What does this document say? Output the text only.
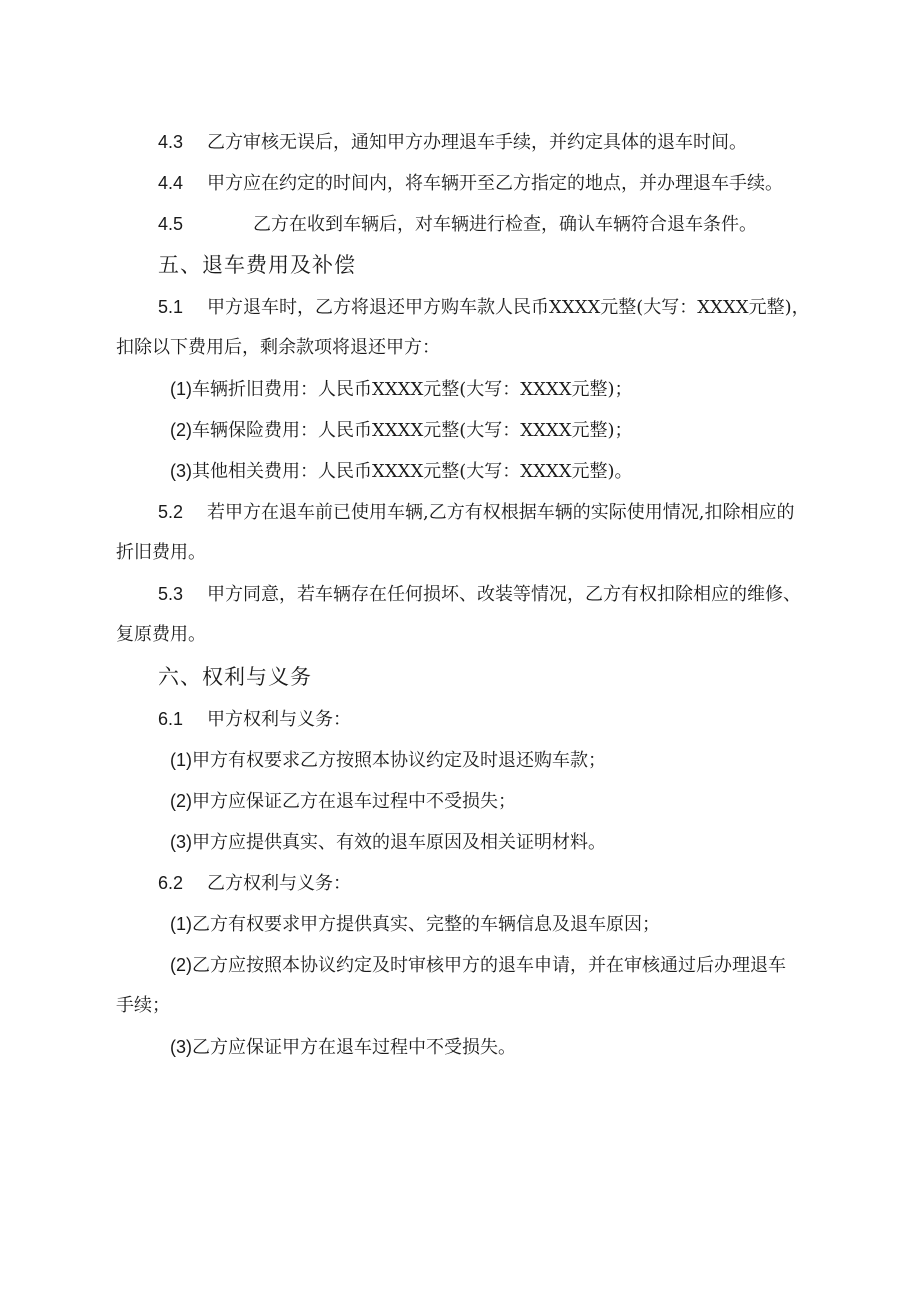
4.3 乙方审核无误后，通知甲方办理退车手续，并约定具体的退车时间。
4.4 甲方应在约定的时间内，将车辆开至乙方指定的地点，并办理退车手续。
4.5	乙方在收到车辆后，对车辆进行检查，确认车辆符合退车条件。
五、退车费用及补偿
5.1 甲方退车时，乙方将退还甲方购车款人民币XXXX元整(大写：XXXX元整)，
扣除以下费用后，剩余款项将退还甲方：
(1)车辆折旧费用：人民币XXXX元整(大写：XXXX元整)；
(2)车辆保险费用：人民币XXXX元整(大写：XXXX元整)；
(3)其他相关费用：人民币XXXX元整(大写：XXXX元整)。
5.2 若甲方在退车前已使用车辆,乙方有权根据车辆的实际使用情况,扣除相应的
折旧费用。
5.3 甲方同意，若车辆存在任何损坏、改装等情况，乙方有权扣除相应的维修、
复原费用。
六、权利与义务
6.1 甲方权利与义务：
(1)甲方有权要求乙方按照本协议约定及时退还购车款；
(2)甲方应保证乙方在退车过程中不受损失；
(3)甲方应提供真实、有效的退车原因及相关证明材料。
6.2 乙方权利与义务：
(1)乙方有权要求甲方提供真实、完整的车辆信息及退车原因；
(2)乙方应按照本协议约定及时审核甲方的退车申请，并在审核通过后办理退车
手续；
(3)乙方应保证甲方在退车过程中不受损失。
